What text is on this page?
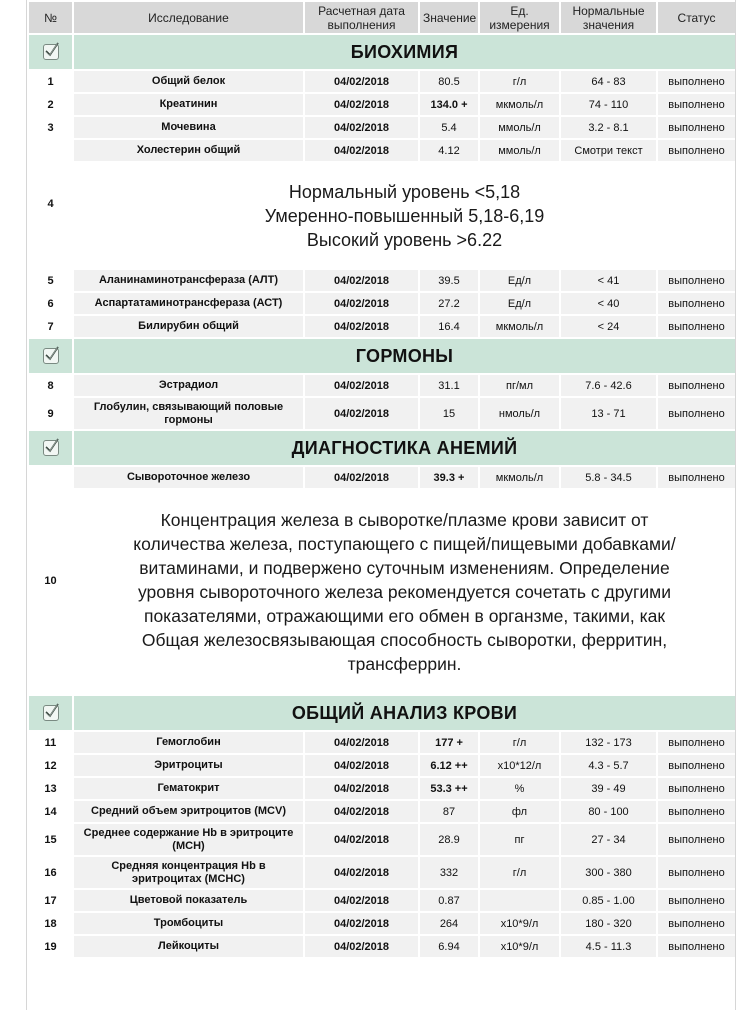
№	Исследование	Расчетная дата выполнения	Значение	Ед. измерения	Нормальные значения	Статус

	БИОХИМИЯ					
1	Общий белок	04/02/2018	80.5	г/л	64 - 83	выполнено
2	Креатинин	04/02/2018	134.0 +	мкмоль/л	74 - 110	выполнено
3	Мочевина	04/02/2018	5.4	ммоль/л	3.2 - 8.1	выполнено
4	Холестерин общий	04/02/2018	4.12	ммоль/л	Смотри текст	выполнено

	Нормальный уровень <5,18
Умеренно-повышенный 5,18-6,19
Высокий уровень >6.22					

5	Аланинаминотрансфераза (АЛТ)	04/02/2018	39.5	Ед/л	< 41	выполнено
6	Аспартатаминотрансфераза (АСТ)	04/02/2018	27.2	Ед/л	< 40	выполнено
7	Билирубин общий	04/02/2018	16.4	мкмоль/л	< 24	выполнено

	ГОРМОНЫ					
8	Эстрадиол	04/02/2018	31.1	пг/мл	7.6 - 42.6	выполнено
9	Глобулин, связывающий половые гормоны	04/02/2018	15	нмоль/л	13 - 71	выполнено

	ДИАГНОСТИКА АНЕМИЙ					
10	Сывороточное железо	04/02/2018	39.3 +	мкмоль/л	5.8 - 34.5	выполнено

	Концентрация железа в сыворотке/плазме крови зависит от количества железа, поступающего с пищей/пищевыми добавками/витаминами, и подвержено суточным изменениям. Определение уровня сывороточного железа рекомендуется сочетать с другими показателями, отражающими его обмен в органзме, такими, как Общая железосвязывающая способность сыворотки, ферритин, трансферрин.					

	ОБЩИЙ АНАЛИЗ КРОВИ					
11	Гемоглобин	04/02/2018	177 +	г/л	132 - 173	выполнено
12	Эритроциты	04/02/2018	6.12 ++	x10*12/л	4.3 - 5.7	выполнено
13	Гематокрит	04/02/2018	53.3 ++	%	39 - 49	выполнено
14	Средний объем эритроцитов (MCV)	04/02/2018	87	фл	80 - 100	выполнено
15	Среднее содержание Hb в эритроците (MCH)	04/02/2018	28.9	пг	27 - 34	выполнено
16	Средняя концентрация Hb в эритроцитах (MCHC)	04/02/2018	332	г/л	300 - 380	выполнено
17	Цветовой показатель	04/02/2018	0.87		0.85 - 1.00	выполнено
18	Тромбоциты	04/02/2018	264	x10*9/л	180 - 320	выполнено
19	Лейкоциты	04/02/2018	6.94	x10*9/л	4.5 - 11.3	выполнено
